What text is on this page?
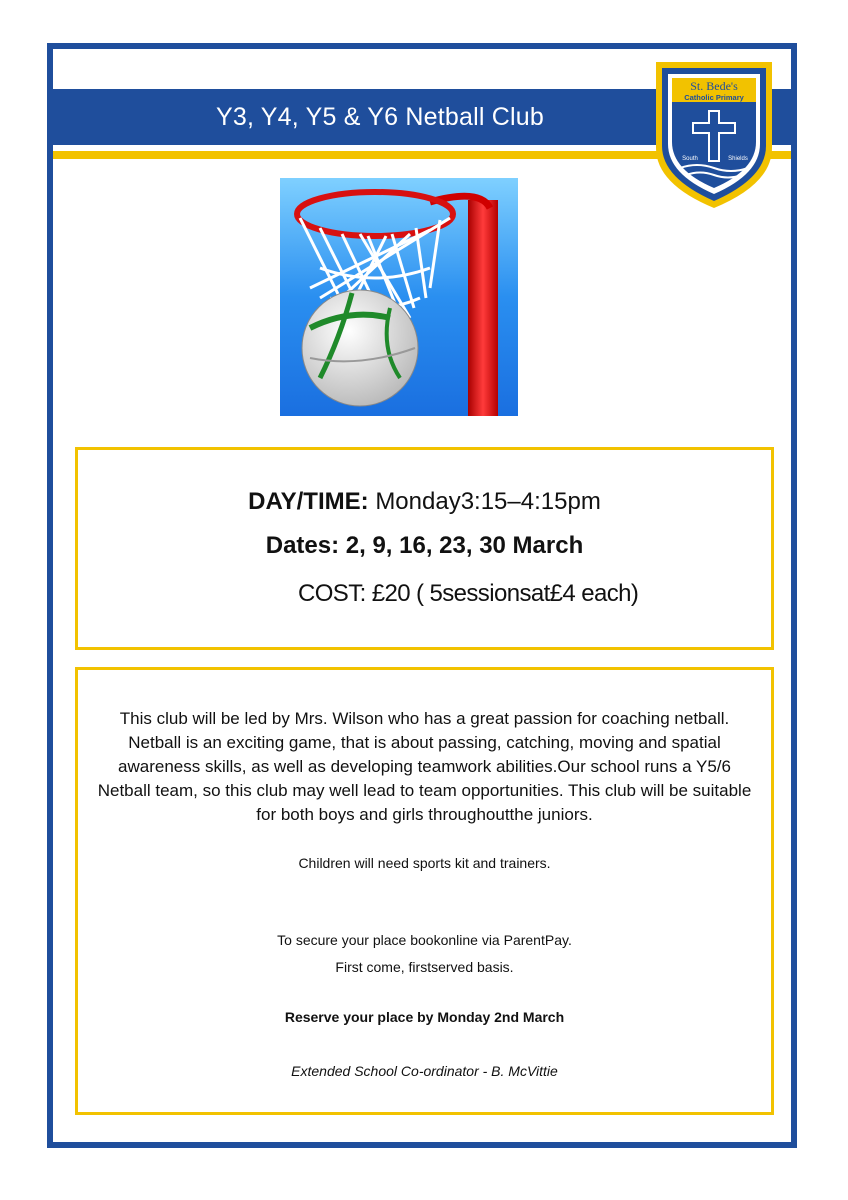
Y3, Y4, Y5 & Y6 Netball Club
St. Bede's
Catholic Primary
South	Shields
DAY/TIME: Monday3:15–4:15pm
Dates: 2, 9, 16, 23, 30 March
COST: £20 ( 5sessionsat£4 each)
This club will be led by Mrs. Wilson who has a great passion for coaching netball. Netball is an exciting game, that is about passing, catching, moving and spatial awareness skills, as well as developing teamwork abilities.Our school runs a Y5/6 Netball team, so this club may well lead to team opportunities. This club will be suitable for both boys and girls throughoutthe juniors.
Children will need sports kit and trainers.
To secure your place bookonline via ParentPay.
First come, firstserved basis.
Reserve your place by Monday 2nd March
Extended School Co-ordinator - B. McVittie
